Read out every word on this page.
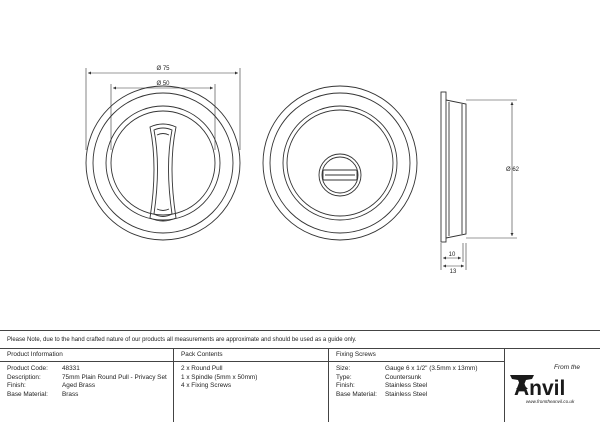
Ø 75
Ø 50
Ø 62
10
13
Please Note, due to the hand crafted nature of our products all measurements are approximate and should be used as a guide only.
Product Information
Product Code: 48331
Description:	75mm Plain Round Pull - Privacy Set
Finish:	Aged Brass
Base Material: Brass
Pack Contents
2 x Round Pull
1 x Spindle (5mm x 50mm)
4 x Fixing Screws
Fixing Screws
Size:	Gauge 6 x 1/2" (3.5mm x 13mm)
Type:	Countersunk
Finish:	Stainless Steel
Base Material: Stainless Steel
From the
Anvil
www.fromtheanvil.co.uk
